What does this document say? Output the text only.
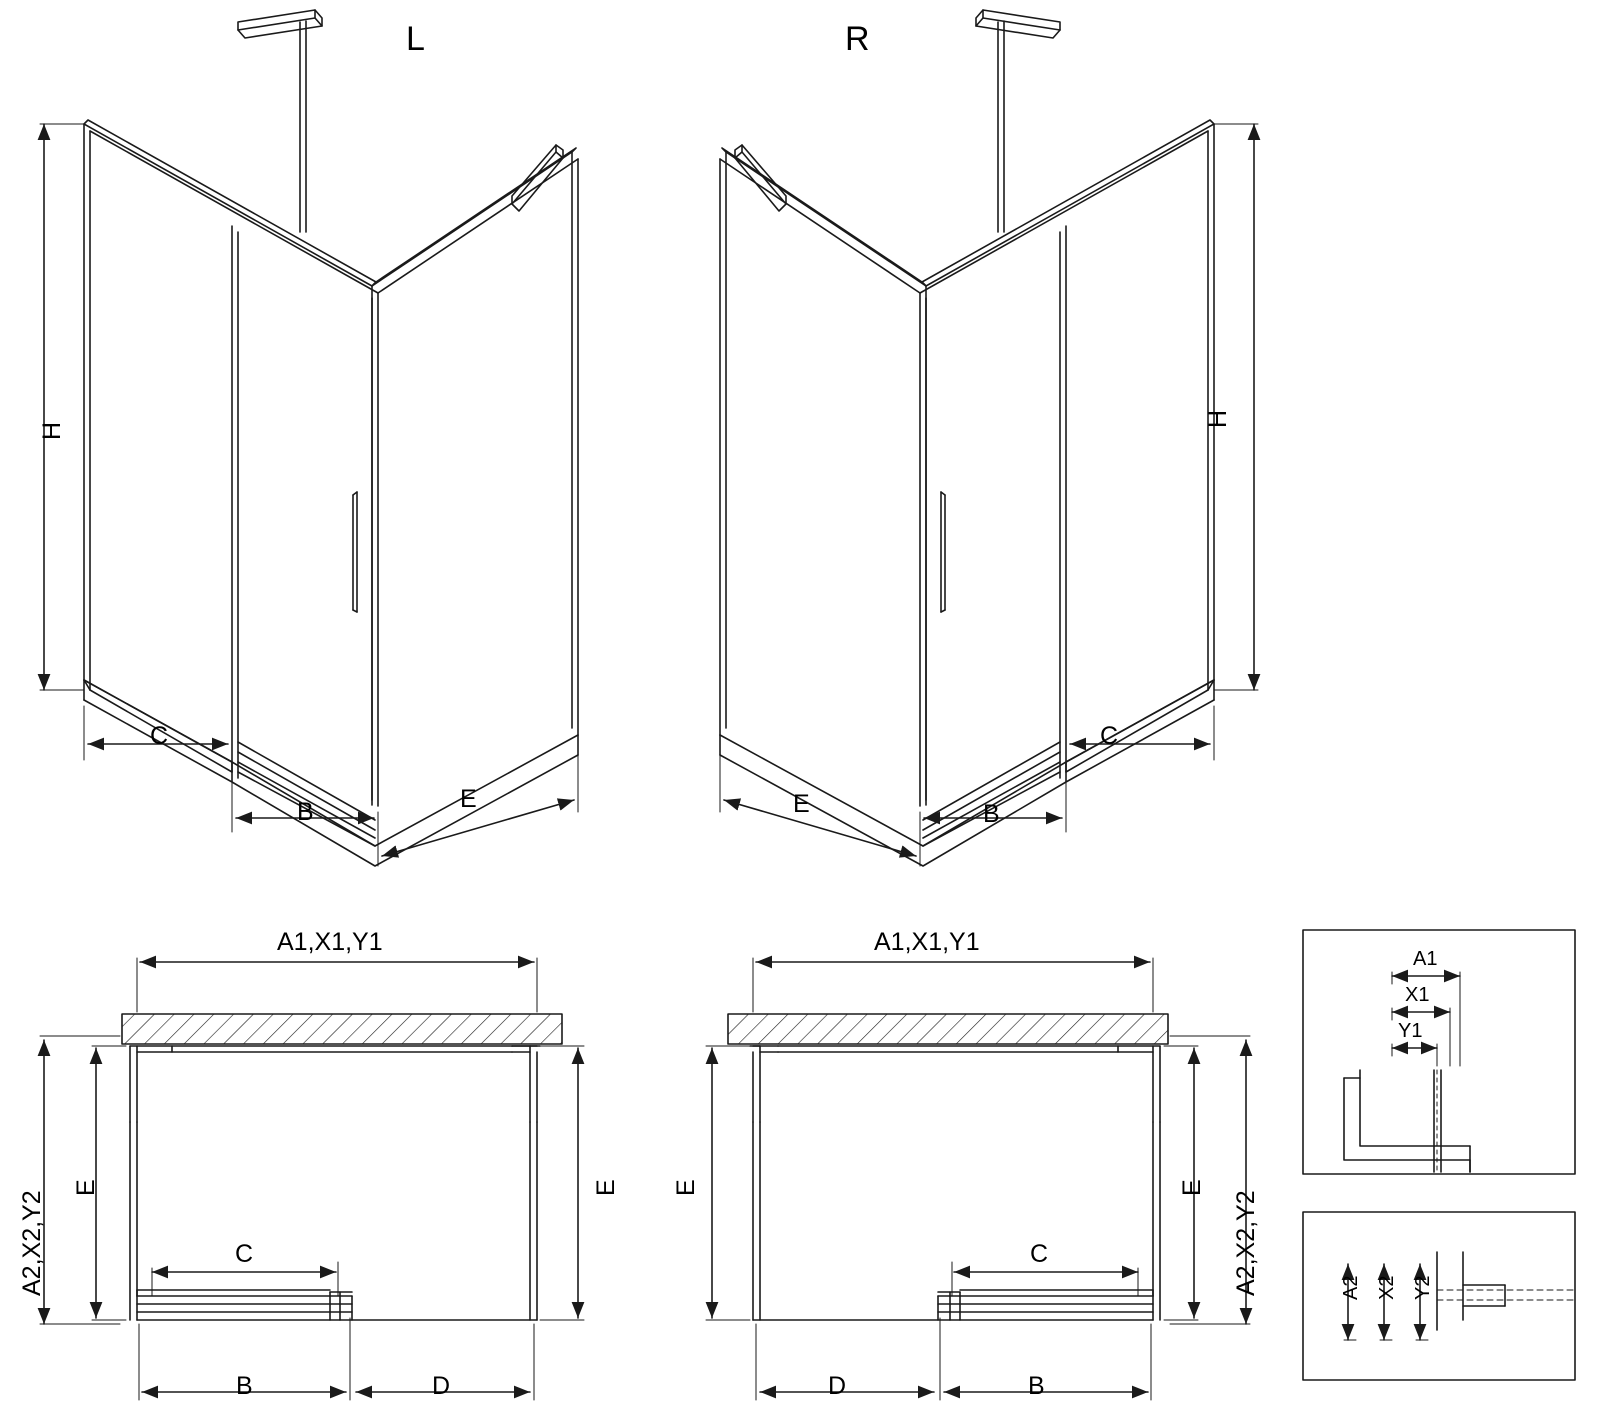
L
H
C
B	E
R
H
C
B
E
A1,X1,Y1
A2,X2,Y2
E	E
C
B	D
A1,X1,Y1
A2,X2,Y2
E
E
C
B
D
A1
X1
Y1
A2 X2 Y2
